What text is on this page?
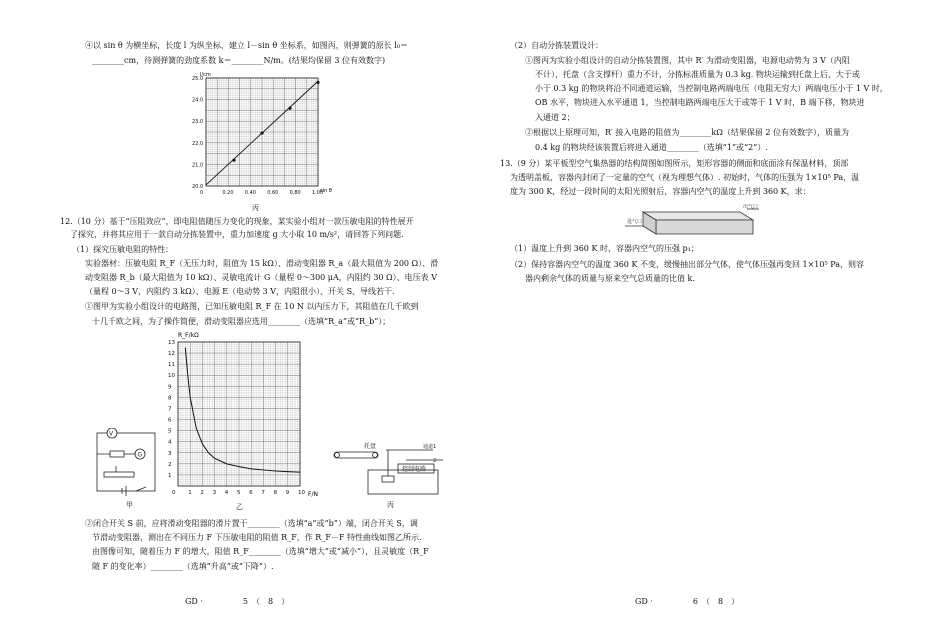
④以 sin θ 为横坐标，长度 l 为纵坐标，建立 l－sin θ 坐标系，如图丙，则弹簧的原长 l₀＝
________cm，待测弹簧的劲度系数 k＝________N/m。(结果均保留 3 位有效数字)
0	0.20 0.40 0.60 0.80 1.00
20.0
21.0
22.0
23.0
24.0
25.0
l/cm
sin θ
丙
12.（10 分）基于“压阻效应”，即电阻值随压力变化的现象，某实验小组对一款压敏电阻的特性展开
了探究，并将其应用于一款自动分拣装置中，重力加速度 g 大小取 10 m/s²，请回答下列问题.
（1）探究压敏电阻的特性：
实验器材：压敏电阻 R_F（无压力时，阻值为 15 kΩ）、滑动变阻器 R_a（最大阻值为 200 Ω）、滑
动变阻器 R_b（最大阻值为 10 kΩ）、灵敏电流计 G（量程 0～300 μA，内阻约 30 Ω）、电压表 V
（量程 0～3 V，内阻约 3 kΩ）、电源 E（电动势 3 V，内阻很小）、开关 S、导线若干.
①图甲为实验小组设计的电路图，已知压敏电阻 R_F 在 10 N 以内压力下，其阻值在几千欧到
十几千欧之间，为了操作简便，滑动变阻器应选用________（选填“R_a”或“R_b”）；
V
G
甲
0 1 2 3 4 5 6 7 8 9 10
1
2
3
4
5
6
7
8
9
10
11
12
13
R_F/kΩ
F/N
乙
控制电路
托盘	通道1
2
丙
②闭合开关 S 前，应将滑动变阻器的滑片置于________（选填“a”或“b”）端，闭合开关 S，调
节滑动变阻器，测出在不同压力 F 下压敏电阻的阻值 R_F，作 R_F－F 特性曲线如图乙所示.
由图像可知，随着压力 F 的增大，阻值 R_F________（选填“增大”或“减小”），且灵敏度（R_F
随 F 的变化率）________（选填“升高”或“下降”）.
GD ·　　　　　5　（　8　）
（2）自动分拣装置设计：
①图丙为实验小组设计的自动分拣装置图，其中 R′ 为滑动变阻器，电源电动势为 3 V（内阻
不计），托盘（含支撑杆）重力不计，分拣标准质量为 0.3 kg. 物块运输到托盘上后，大于或
小于 0.3 kg 的物块将沿不同通道运输，当控制电路两端电压（电阻无穷大）两端电压小于 1 V 时，
OB 水平，物块进入水平通道 1，当控制电路两端电压大于或等于 1 V 时，B 端下移，物块进
入通道 2；
②根据以上原理可知，R′ 接入电路的阻值为________kΩ（结果保留 2 位有效数字），质量为
0.4 kg 的物块经该装置后将进入通道________（选填“1”或“2”）.
13.（9 分）某平板型空气集热器的结构简图如图所示，矩形容器的侧面和底面涂有保温材料，顶部
为透明盖板，容器内封闭了一定量的空气（视为理想气体）. 初始时，气体的压强为 1×10⁵ Pa，温
度为 300 K，经过一段时间的太阳光照射后，容器内空气的温度上升到 360 K，求：
进气口
出气口
（1）温度上升到 360 K 时，容器内空气的压强 p₁；
（2）保持容器内空气的温度 360 K 不变，缓慢抽出部分气体，使气体压强再变回 1×10⁵ Pa，则容
器内剩余气体的质量与原来空气总质量的比值 k.
GD ·　　　　　6　（　8　）
